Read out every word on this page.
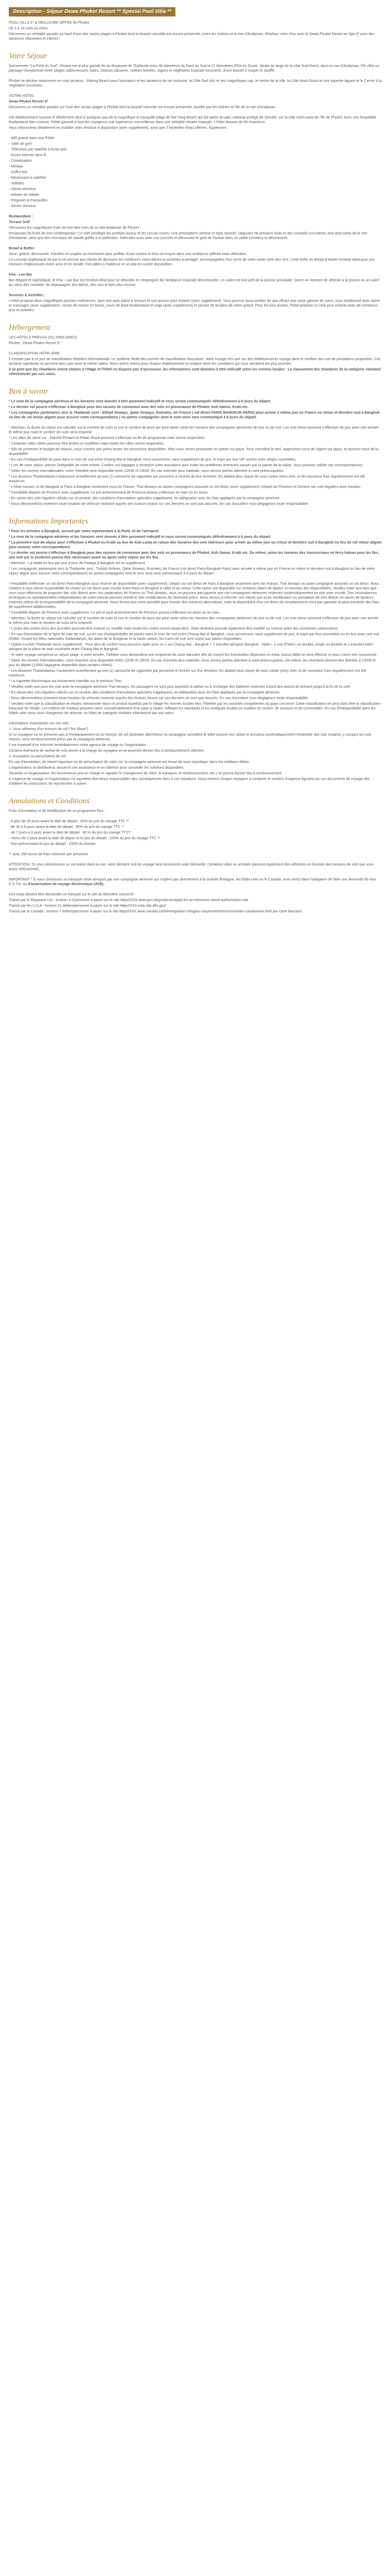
Description - Séjour Dewa Phuket Resort ** Spécial Pool Villa **

POOL VILLA 5* & MEILLEURE OFFRE de Phuket

De 5 à 14 nuits au choix.

Découvrez un véritable paradis au bord d'une des seules plages à Phuket dont la beauté naturelle est encore préservée, entre les rizières et la mer d'Andaman. Réalisez votre rêve avec le Dewa Phuket Resort en Spa 5* pour des vacances relaxantes et intimes !

Votre Séjour

Surnommée "La Perle du Sud", Phuket est la plus grande île du Royaume de Thaïlande avec 48 kilomètres du Nord au Sud et 21 kilomètres d'Est en Ouest. Située au large de la côte Sud-Ouest, dans la mer d'Andaman, l'île offre un paysage exceptionnel entre plages sablonneuses, baies, falaises calcaires, collines boisées, lagons et végétation tropicale luxuriante, d'une beauté à couper le souffle.

Phuket se décline notamment en cinq secteurs : Patong Beach pour l'animation et les amateurs de vie nocturne, la Côte Sud chic et ses magnifiques cap, le centre de la ville, la Côte Nord-Ouest et une superbe lagune et le Centre à la végétation luxuriante.

VOTRE HÔTEL

Dewa Phuket Resort 5*

Découvrez un véritable paradis sur l'une des seules plages à Phuket dont la beauté naturelle est encore préservée, bordée par les rizières et l'île de la mer d'Andaman.

Cet établissement luxueux et idéalement situé à quelques pas de la magnifique et tranquille plage de Nai Yang Beach qui fait partie du parc national protégé de Sirinath, sur la côte nord-ouest de l'île de Phuket. Avec son hospitalité thaïlandaise bien connue, l'hôtel garantit à tous les voyageurs une expérience merveilleuse dans une véritable retraite tropicale. L'hôtel dispose de 95 chambres.

Vous séjournerez idéalement en mobilier avec terrasse à disposition (avec supplément), ainsi que 2 bouteilles d'eau offertes. Également :

- Wifi gratuit dans tout l'hôtel

- Salle de gym

- Télévision par satellite à écran plat

- Accès Internet sans fil

- Climatisation

- Minibar

- Coffre-fort

- Nécessaire à café/thé

- Toilettes

- Sèche-cheveux

- Articles de toilette

- Peignoirs & Pantoufles

- Sèche-cheveux

Restauration :

Terrace Grill

Découvrez les magnifiques fruits de mer des rives de la côte Andaman de Phuket !

Restaurant de fruits de mer contemporain ! Le chef privilégie les produits locaux et les circuits courts. Une atmosphère sereine et style raconté. Dégustez de précieux fruits et des cocktails succulents, tout droit sortis de la mer d'Andaman, ainsi que des morceaux de viande grillés à la perfection. Détendez-vous avec vos proches et découvrez le goût de l'océan dans un cadre lumineux et décontracté.

Bread & Butter

Servi, gratuit, découverte. Familles et couples se réunissent pour profiter d'une cuisine et d'un vin exquis dans une ambiance raffinée mais détendue.

Ce concept sophistiqué de bar-à-vin permet aux clients de découvrir les meilleures charcuteries et assiettes à partager, accompagnées d'un verre de votre vaste carte des vins. Cette boîte du Bread & Butter rendrait idéal pour vos réunions chaleureuses entre amis et en famille. Des pâtes à l'italienne et un plat-en-soirée disponibles.

Kha - Lao Bar

Bar élégant et sophistiqué, le Kha - Lao Bar est l'endroit idéal pour se détendre et s'imprégner de l'ambiance tropicale décontractée. Le cadre est tout prêt de la piscine principale. Dorez un moment de détente à la piscine ou un soleil au cœur des cocktails, du champagne, des bières, des vins et bien plus encore.

Services & Activités :

L'hôtel propose deux magnifiques piscines extérieures, dont une avec bains à remous et une piscine pour enfants (avec supplément). Vous pourrez aussi profiter du spa offrant une vaste gamme de soins, vous traditionnel avec bains et massages (avec supplément), centre de remise en forme, cours de boxe thaïlandaise et yoga (avec supplément) et service de location de vélos gratuit. Pour les plus jeunes, l'hôtel propose un club pour enfants avec de nombreux jeux et activités.

Hébergement

LES HÔTELS PRÉVUS (OU SIMILAIRES)

Phuket : Dewa Phuket Resort 5*

CLASSIFICATION HÔTELIÈRE

Il n'existe pas à ce jour de classification hôtelière internationale. Le système étoilé des normes de classification françaises. Votre voyage très axé sur des établissements voyage dans le meilleur des cas de prestations proposées. Ces services standards ne peuvent donc pas avoir la même valeur. Nous avons retenu pour chaque établissement la notation dans les conditions qui nous semblent les plus proches.

Il se peut que les chambres soient situées à l'étage et l'hôtel ne dispose pas d'ascenseur, les informations sont données à titre indicatif selon les normes locales : Le classement des chambres de la catégorie standard sélectionnée par nos soins.

Bon à savoir

* Le nom de la compagnie aérienne et les horaires vont donnés à titre purement indicatif et vous seront communiqués définitivement à 8 jours du départ.

* Le dernier vol pourra s'effectuer à Bangkok pour des raisons de connexion avec des vols en provenance de Phuket, Koh Samui, Krabi etc.

* Les compagnies partenaires vers la Thaïlande sont : Etihad Airways, Qatar Airways, Emirates, Air France ( vol direct PARIS BANGKOK-PARIS) pour arriver à même jour en France ou retour et dernière nuit à Bangkok ou lieu de vol retour aligner pour assurer votre correspondance ( ou autres compagnies dont le nom vous sera communiqué à 8 jours du départ.

* Attention, la durée du séjour est calculée sur le nombre de nuits et non le nombre de jours qui peut varier selon les horaires des compagnies aériennes de jour ou de nuit. Les vols retour pourront s'effectuer de jour avec une arrivée le même jour mais le nombre de nuits sera respecté.

* Les villes de Jaine sur : Marché Flottant et Palais Royal pourront s'effectuer en fin de programme mais seront respectées.

* Certaines villes citées pourront être levées et modifiées mais toutes les villes seront respectées.

* Afin de préserver le budget de chacun, nous n'avons pas prévu toutes les excursions disponibles, elles vous seront proposées en option sur place. Pour connaître le tarif, rapprochez-vous de l'agent sur place, et assurez-vous de la disponibilité.

* En cas d'indisponibilité du pass dans le train de nuit entre Chiang Mai et Bangkok, nous assurerons, sans supplément de prix, le trajet par bus VIP confort avec sièges couchettes.

* Lors de votre séjour, prenez l'intégralité de votre entrée. Confiez vos bagages à réception votre assurance pour éviter les problèmes éventuels causés par la panne de la valise. Vous pourriez valider ces correspondances.

* Selon les normes internationales, votre chambre sera disponible entre 12h30 et 15h00. En cas d'arrivée plus matinale, nous serons parfois attentive à votre préoccupation.

* Les douanes Thaïlandaises n'autorisent actuellement qu'une (1) cartouche de cigarettes par personne à l'entrée de leur territoire. En abattre plus risque de vous coûter (très) cher, et de nouveaux frais régulièrement ont été maximum.

* L'hôtel suivant, et de Bangkok et Paris à Bangkok seulement vous Air France, Thaï Airways ou autres compagnies assurant un vol direct (avec supplément). Départ de Province et Genève sur vols réguliers avec escales.

* Possibilité départs de Province avec supplément. Le pré acheminement de Province pourra s'effectuer en train ou en avion.

* En raison des vols réguliers utilisés sur ce produit, des conditions d'annulation spéciales s'appliquent, en adéquation avec les frais appliqués par la compagnie aérienne.

* Nous déconseillons vivement toute location de véhicule motorisé auprès des loueurs locaux sur ces derniers ne sont pas assurés. En cas d'accident nous dégageons toute responsabilité.

Informations Importantes

* Pour les arrivées à Bangkok, accueil par notre représentant à la Porte 10 de l'aéroport.

* Le nom de la compagnie aérienne et les horaires vont donnés à titre purement indicatif et vous seront communiqués définitivement à 8 jours du départ.

* La première nuit de séjour peut s'effectuer à Phuket ou Krabi au lieu de Koh Lanta en raison des horaires des vols intérieurs pour arriver au même jour ou retour et dernière nuit à Bangkok ou lieu de vol retour aligner pour assurer votre correspondance.

* Le dernier vol pourra s'effectuer à Bangkok pour des raisons de connexion avec des vols en provenance de Phuket, Koh Samui, Krabi etc. De même, selon les horaires des transversaux en ferry bateau pour les îles, une nuit sur le continent pourra être nécessaire avant ou après votre séjour sur les îles.

* Attention : La totale en bus par jour à tous de Pattaya à Bangkok est en supplément.

* Les compagnies partenaires vers la Thaïlande sont : Turkish Airlines, Qatar Airways, Emirates, Air France (vol direct Paris-Bangkok-Paris) avec arrivée à même jour en France ou retour et dernière nuit à Bangkok ou lieu de votre séjour aligné pour assurer votre correspondance) ou autres compagnies dont le nom vous sera communiqué à 8 jours du départ.

* Possibilité d'effectuer un vol direct Paris-Bangkok sous réserve de disponibilité (avec supplément). Départ sur vol direct de Paris à Bangkok seulement avec Air France, Thaï Airways ou autre compagnie assurant un vol direct. Nous mettons à tous clients la possibilité de choisir un vol direct avec escale entre Paris et Bangkok à l'aller et au retour. Cette option est disponible sur certaines dates de départ, en fonction des disponibilités. Veuillez noter que bien que nous nous efforcions de proposer des vols directs avec nos partenaires Air France ou Thaï Airways, nous ne pouvons pas garantir que ces compagnies aériennes resteront systématiquement en vols avec escale. Des circonstances techniques ou opérationnelles indépendantes de notre volonté peuvent entraîner des modifications de l'itinéraire prévu. Nous tenons à informer nos clients que toute modification ou annulation de vols directs en raison de facteurs externes relève de la responsabilité de la compagnie aérienne. Nous ferons tout notre possible pour trouver des solutions alternatives, mais la disponibilité d'un vol direct de remplacement n'est pas garantie et peut entraîner des frais de supplément additionnelles.

* Possibilité départs de Province avec supplément. Le pré et post acheminement de Province pourra s'effectuer en avion ou en train.

* Attention, la durée du séjour est calculée sur le nombre de nuits et non le nombre de jours qui peut varier selon les horaires des compagnies aériennes de jour ou de nuit. Les vols retour pourront s'effectuer de jour avec une arrivée le même jour mais le nombre de nuits sera respecté.

* L'ordre des visites et/ou des journées pourront être inversé ou modifié mais toutes les visites seront respectées. Votre itinéraire pourrait également être modifié ou inversé selon les contraintes saisonnières.

* En cas d'annulation de la ligne de train de nuit, ou en cas d'indisponibilité de places dans le train de nuit entre Chiang Mai et Bangkok, nous assurerons, sans supplément de prix, le trajet par bus couchettes ou en bus avec une nuit d'hôtel. Durant les fêtes nationales thaïlandaises, les dates de la Songkran et la haute saison, les trains de nuit sont sujets aux places disponibles.

* Option Confort Thaïlande (avec supplément) : Pour plus de confort nous pouvons opter pour un 1 vol Chiang Mai - Bangkok + 1 transfert aéroport Bangkok - hôtel + 1 nuit d'hôtel ( en double, single ou double) et 1 transfert hôtel - aéroport de la place du train couchette entre Chiang Mai et Bangkok.

* Si votre voyage comprend un séjour plage, à votre arrivée, l'hôtelier vous demandera une empreinte de carte bancaire afin de couvrir les éventuelles dépenses en extra. Aucun débit ne sera effectué si vous n'avez rien consommé.

* Selon les normes internationales, votre chambre sera disponible entre 12h30 et 15h00. En cas d'arrivée plus matinale, nous serons parfois attentive à votre préoccupation. De même, les chambres doivent être libérées à 12h00 le jour du départ (12h00 bagagerie disponible dans certains hôtels).

* Les douanes Thaïlandaises n'autorisent actuellement qu'une (1) cartouche de cigarettes par personne à l'entrée sur leur territoire. En abattre plus risque de vous coûter (très) cher, et de nouveaux frais régulièrement ont été maximum.

* La cigarette électronique est strictement interdite sur le territoire Thaï.

* Veuillez noter que pour les vols avec la compagnie aérienne Thaï Airways, les passagers ne sont plus autorisés à utiliser ou à recharger des batteries externes à bord des avions de présent jusqu'à la fin de la volé.

* En raison des vols réguliers utilisés sur ce produit, des conditions d'annulation spéciales s'appliquent, en adéquation avec les frais appliqués par la compagnie aérienne.

* Nous déconseillons vivement toute location de véhicule motorisé auprès des loueurs locaux car ces derniers ne sont pas assurés. En cas d'accident nous dégageons toute responsabilité.

* Veuillez noter que la classification en étoiles mentionnée dans ce produit toutefois par le village les normes locales Moi, l'hôtelier par les autorités compétentes du pays concerné. Cette classification ne peut donc être la classification française de l'étoile. Les critères de notation peuvent varier considérablement d'un pays à l'autre, reflétant les standards et les pratiques locales en matière de confort, de services et de commodités. En cas d'indisponibilité dans les hôtels cités nous vous chargerons de réserver un hôtel de catégorie similaire sélectionné par nos soins.

Informations importantes sur vos vols :

1. Vous utiliserez d'un tronçon de vol ("No Show")

Si un voyageur ne se présente pas à l'embarquement ou un tronçon de vol (itinéraire aller/retour) la compagnie considère le billet comme non utilisé et annulera systématiquement l'ensemble des vols restants, y compris les vols retours, sans remboursement prévu par la compagnie aérienne.

Il est impératif d'en informer immédiatement notre agence de voyage ou l'organisation.

Certains éventuels de rachat de vols seront à la charge du voyageur et ne pourront donner lieu à remboursement ultérieur.

2. Annulation ou perturbation de vol

En cas d'annulation, de retard important ou de perturbation de votre vol, la compagnie aérienne est tenue de vous reprotéger dans les meilleurs délais.

L'organisateur, le distributeur, assurent une assistance et un rôle/non pour conseiller les solutions disponibles.

Toutefois si l'organisateur, les fournisseurs pris en charge et signaler le changement de hôtel, le transport, le remboursement, etc.) ne pourra donner lieu à remboursement.

Il n'agence de voyage ni l'organisateur ne sauraient être tenus responsables des conséquences liées à ces situations. Nous restons chaque voyageur à contacter le numéro d'urgence figurant sur ses documents de voyage afin d'obtenir les instructions de reprotection à suivre.

Annulations et Conditions

Frais d'annulation et de Modification de ce programme Flex :

- A plus de 30 jours avant la date de départ : 60% du prix du voyage TTC **

- de 30 à 8 jours avant la date de départ : 80% du prix du voyage TTC **

- de 7 jours à 3 jours avant la date de départ : 90 % du prix du voyage TTC**

- moins de 2 jours avant la date de départ et le jour du départ : 100% du prix du voyage TTC **

- Non-présentation le jour du départ : 100% du dossier

** avec 250 euros de frais minimum par personne

ATTENTION ! Si vous sélectionnez un vol retour dans la nuit, votre dernière nuit de voyage sera recouverte votre demande. Certaines villes ou activités pourront également être affectées en fonction des horaires de vols que vous aurez sélectionnés.

IMPORTANT ! Si vous choisissez un transport entre aéroport par une compagnie aérienne qui n'opère pas directement à la Grande Bretagne, les États-Unis ou le Canada, vous serez dans l'obligation de faire une demande de visa E.S.T.A. ou d'autorisation de voyage électronique (AVE).

Ces visas doivent être demandés en français sur le site du Ministère concerné :

Transit par le Royaume-Uni : environ 4 £/personne à payer sur le site https//XXX.www.gov.uk/guidance/apply-for-an-electronic-travel-authorisation-eta

Transit par les U.S.A : environ 21 dollars/personne à payer sur le site https//XXX.esta.cbp.dhs.gov/

Transit par le Canada : environ 7 dollars/personne à payer sur le site https//XXX.www.canada.ca/fr/immigration-refugies-citoyennete/services/visiter-canada/ave.html par carte bancaire.
